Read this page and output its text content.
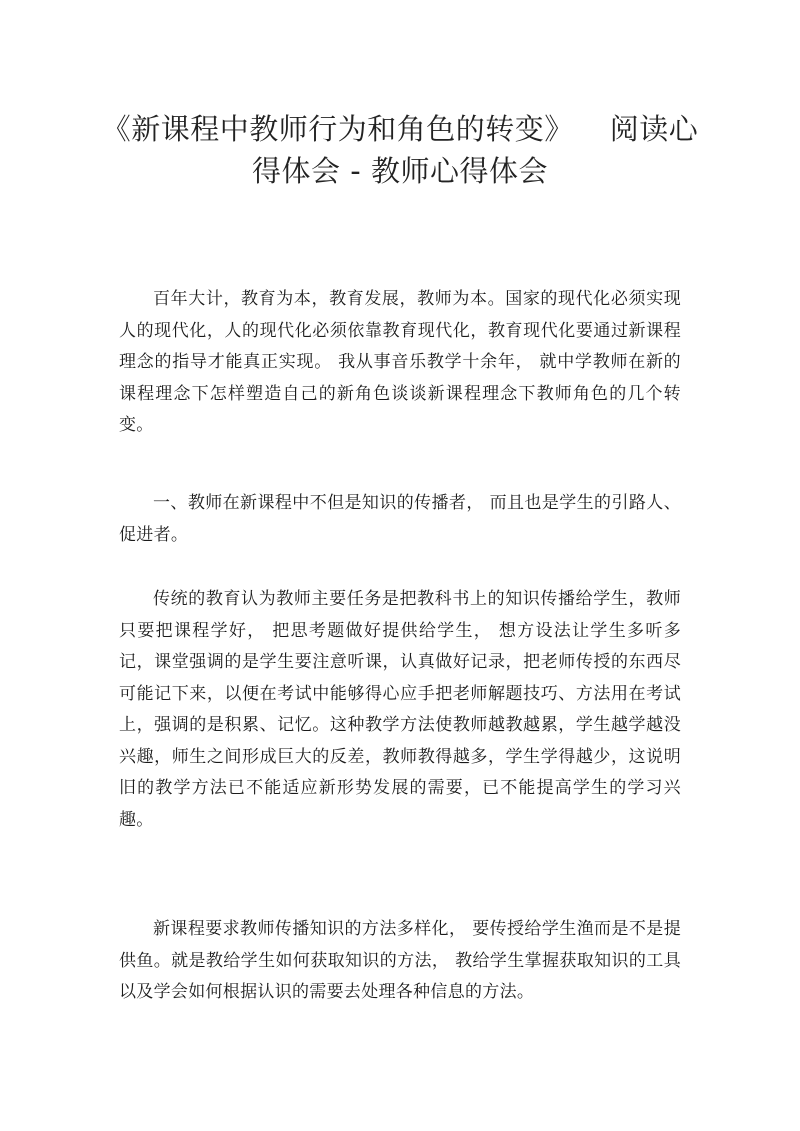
《新课程中教师行为和角色的转变》 阅读心
得体会 - 教师心得体会

百年大计，教育为本，教育发展，教师为本。国家的现代化必须实现人的现代化，人的现代化必须依靠教育现代化，教育现代化要通过新课程理念的指导才能真正实现。 我从事音乐教学十余年， 就中学教师在新的课程理念下怎样塑造自己的新角色谈谈新课程理念下教师角色的几个转变。

一、教师在新课程中不但是知识的传播者， 而且也是学生的引路人、促进者。

传统的教育认为教师主要任务是把教科书上的知识传播给学生，教师只要把课程学好， 把思考题做好提供给学生， 想方设法让学生多听多记，课堂强调的是学生要注意听课，认真做好记录，把老师传授的东西尽可能记下来，以便在考试中能够得心应手把老师解题技巧、方法用在考试上，强调的是积累、记忆。这种教学方法使教师越教越累，学生越学越没兴趣，师生之间形成巨大的反差，教师教得越多，学生学得越少，这说明旧的教学方法已不能适应新形势发展的需要，已不能提高学生的学习兴趣。

新课程要求教师传播知识的方法多样化， 要传授给学生渔而是不是提供鱼。就是教给学生如何获取知识的方法， 教给学生掌握获取知识的工具以及学会如何根据认识的需要去处理各种信息的方法。
